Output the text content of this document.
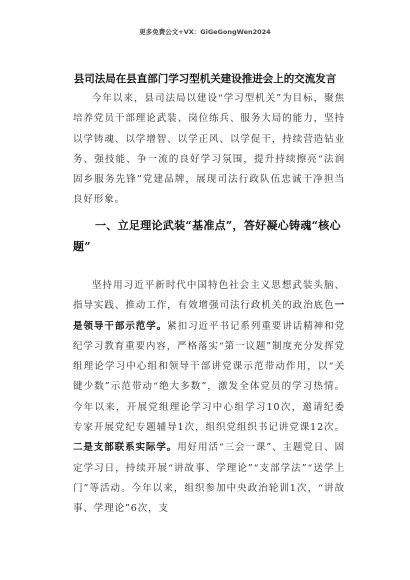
更多免费公文+VX：GiGeGongWen2024
县司法局在县直部门学习型机关建设推进会上的交流发言

今年以来，县司法局以建设“学习型机关”为目标，聚焦培养党员干部理论武装、岗位练兵、服务大局的能力，坚持以学铸魂、以学增智、以学正风、以学促干，持续营造钻业务、强技能、争一流的良好学习氛围，提升持续擦亮“法润固乡服务先锋”党建品牌，展现司法行政队伍忠诚干净担当良好形象。

一、立足理论武装“基准点”，答好凝心铸魂“核心题”

坚持用习近平新时代中国特色社会主义思想武装头脑、指导实践、推动工作，有效增强司法行政机关的政治底色一是领导干部示范学。紧扣习近平书记系列重要讲话精神和党纪学习教育重要内容，严格落实“第一议题”制度充分发挥党组理论学习中心组和领导干部讲党课示范带动作用，以“关键少数”示范带动“绝大多数”，激发全体党员的学习热情。今年以来，开展党组理论学习中心组学习10次，邀请纪委专家开展党纪专题辅导1次，组织党组织书记讲党课12次。二是支部联系实际学。用好用活“三会一课”、主题党日、固定学习日，持续开展“讲故事、学理论”“支部学法”“送学上门”等活动。今年以来，组织参加中央政治轮训1次，“讲故事、学理论”6次，支
